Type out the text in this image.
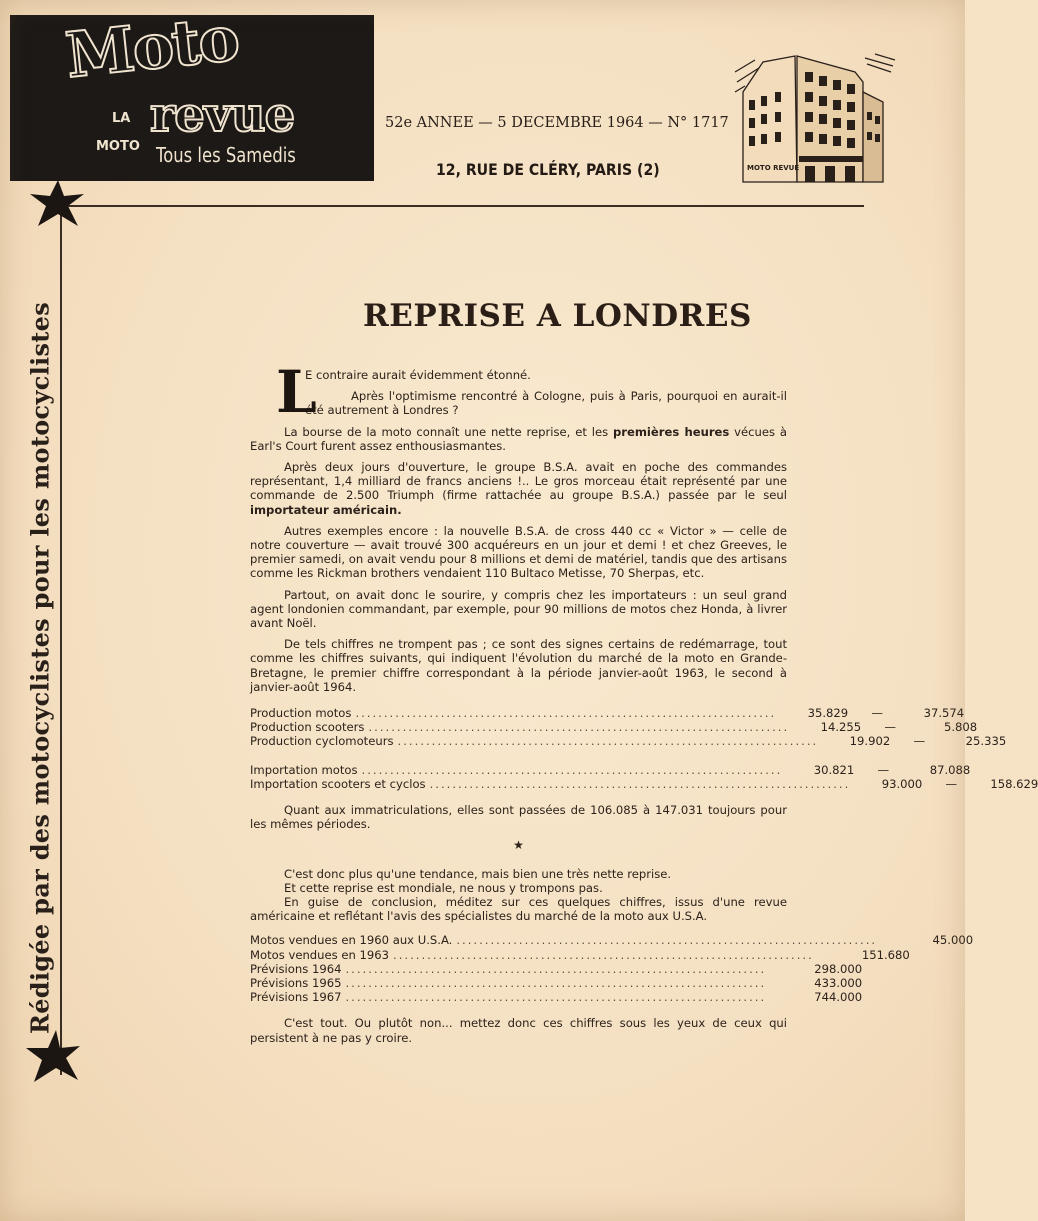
Moto
LA revue
MOTO Tous les Samedis
52e ANNEE — 5 DECEMBRE 1964 — N° 1717
12, RUE DE CLÉRY, PARIS (2)	MOTO REVUE
Rédigée par des motocyclistes pour les motocyclistes	REPRISE A LONDRES
L

E contraire aurait évidemment étonné.

Après l'optimisme rencontré à Cologne, puis à Paris, pourquoi en aurait-il été autrement à Londres ?

La bourse de la moto connaît une nette reprise, et les premières heures vécues à Earl's Court furent assez enthousiasmantes.

Après deux jours d'ouverture, le groupe B.S.A. avait en poche des commandes représentant, 1,4 milliard de francs anciens !.. Le gros morceau était représenté par une commande de 2.500 Triumph (firme rattachée au groupe B.S.A.) passée par le seul importateur américain.

Autres exemples encore : la nouvelle B.S.A. de cross 440 cc « Victor » — celle de notre couverture — avait trouvé 300 acquéreurs en un jour et demi ! et chez Greeves, le premier samedi, on avait vendu pour 8 millions et demi de matériel, tandis que des artisans comme les Rickman brothers vendaient 110 Bultaco Metisse, 70 Sherpas, etc.

Partout, on avait donc le sourire, y compris chez les importateurs : un seul grand agent londonien commandant, par exemple, pour 90 millions de motos chez Honda, à livrer avant Noël.

De tels chiffres ne trompent pas ; ce sont des signes certains de redémarrage, tout comme les chiffres suivants, qui indiquent l'évolution du marché de la moto en Grande-Bretagne, le premier chiffre correspondant à la période janvier-août 1963, le second à janvier-août 1964.

Production motos ..........................................................................	35.829	—	37.574
Production scooters ..........................................................................	14.255	—	5.808
Production cyclomoteurs ..........................................................................	19.902	—	25.335
Importation motos ..........................................................................	30.821	—	87.088
Importation scooters et cyclos ..........................................................................	93.000	—	158.629

Quant aux immatriculations, elles sont passées de 106.085 à 147.031 toujours pour les mêmes périodes.

★

C'est donc plus qu'une tendance, mais bien une très nette reprise.

Et cette reprise est mondiale, ne nous y trompons pas.

En guise de conclusion, méditez sur ces quelques chiffres, issus d'une revue américaine et reflétant l'avis des spécialistes du marché de la moto aux U.S.A.

Motos vendues en 1960 aux U.S.A. ..........................................................................	45.000
Motos vendues en 1963 ..........................................................................	151.680
Prévisions 1964 ..........................................................................	298.000
Prévisions 1965 ..........................................................................	433.000
Prévisions 1967 ..........................................................................	744.000

C'est tout. Ou plutôt non... mettez donc ces chiffres sous les yeux de ceux qui persistent à ne pas y croire.
